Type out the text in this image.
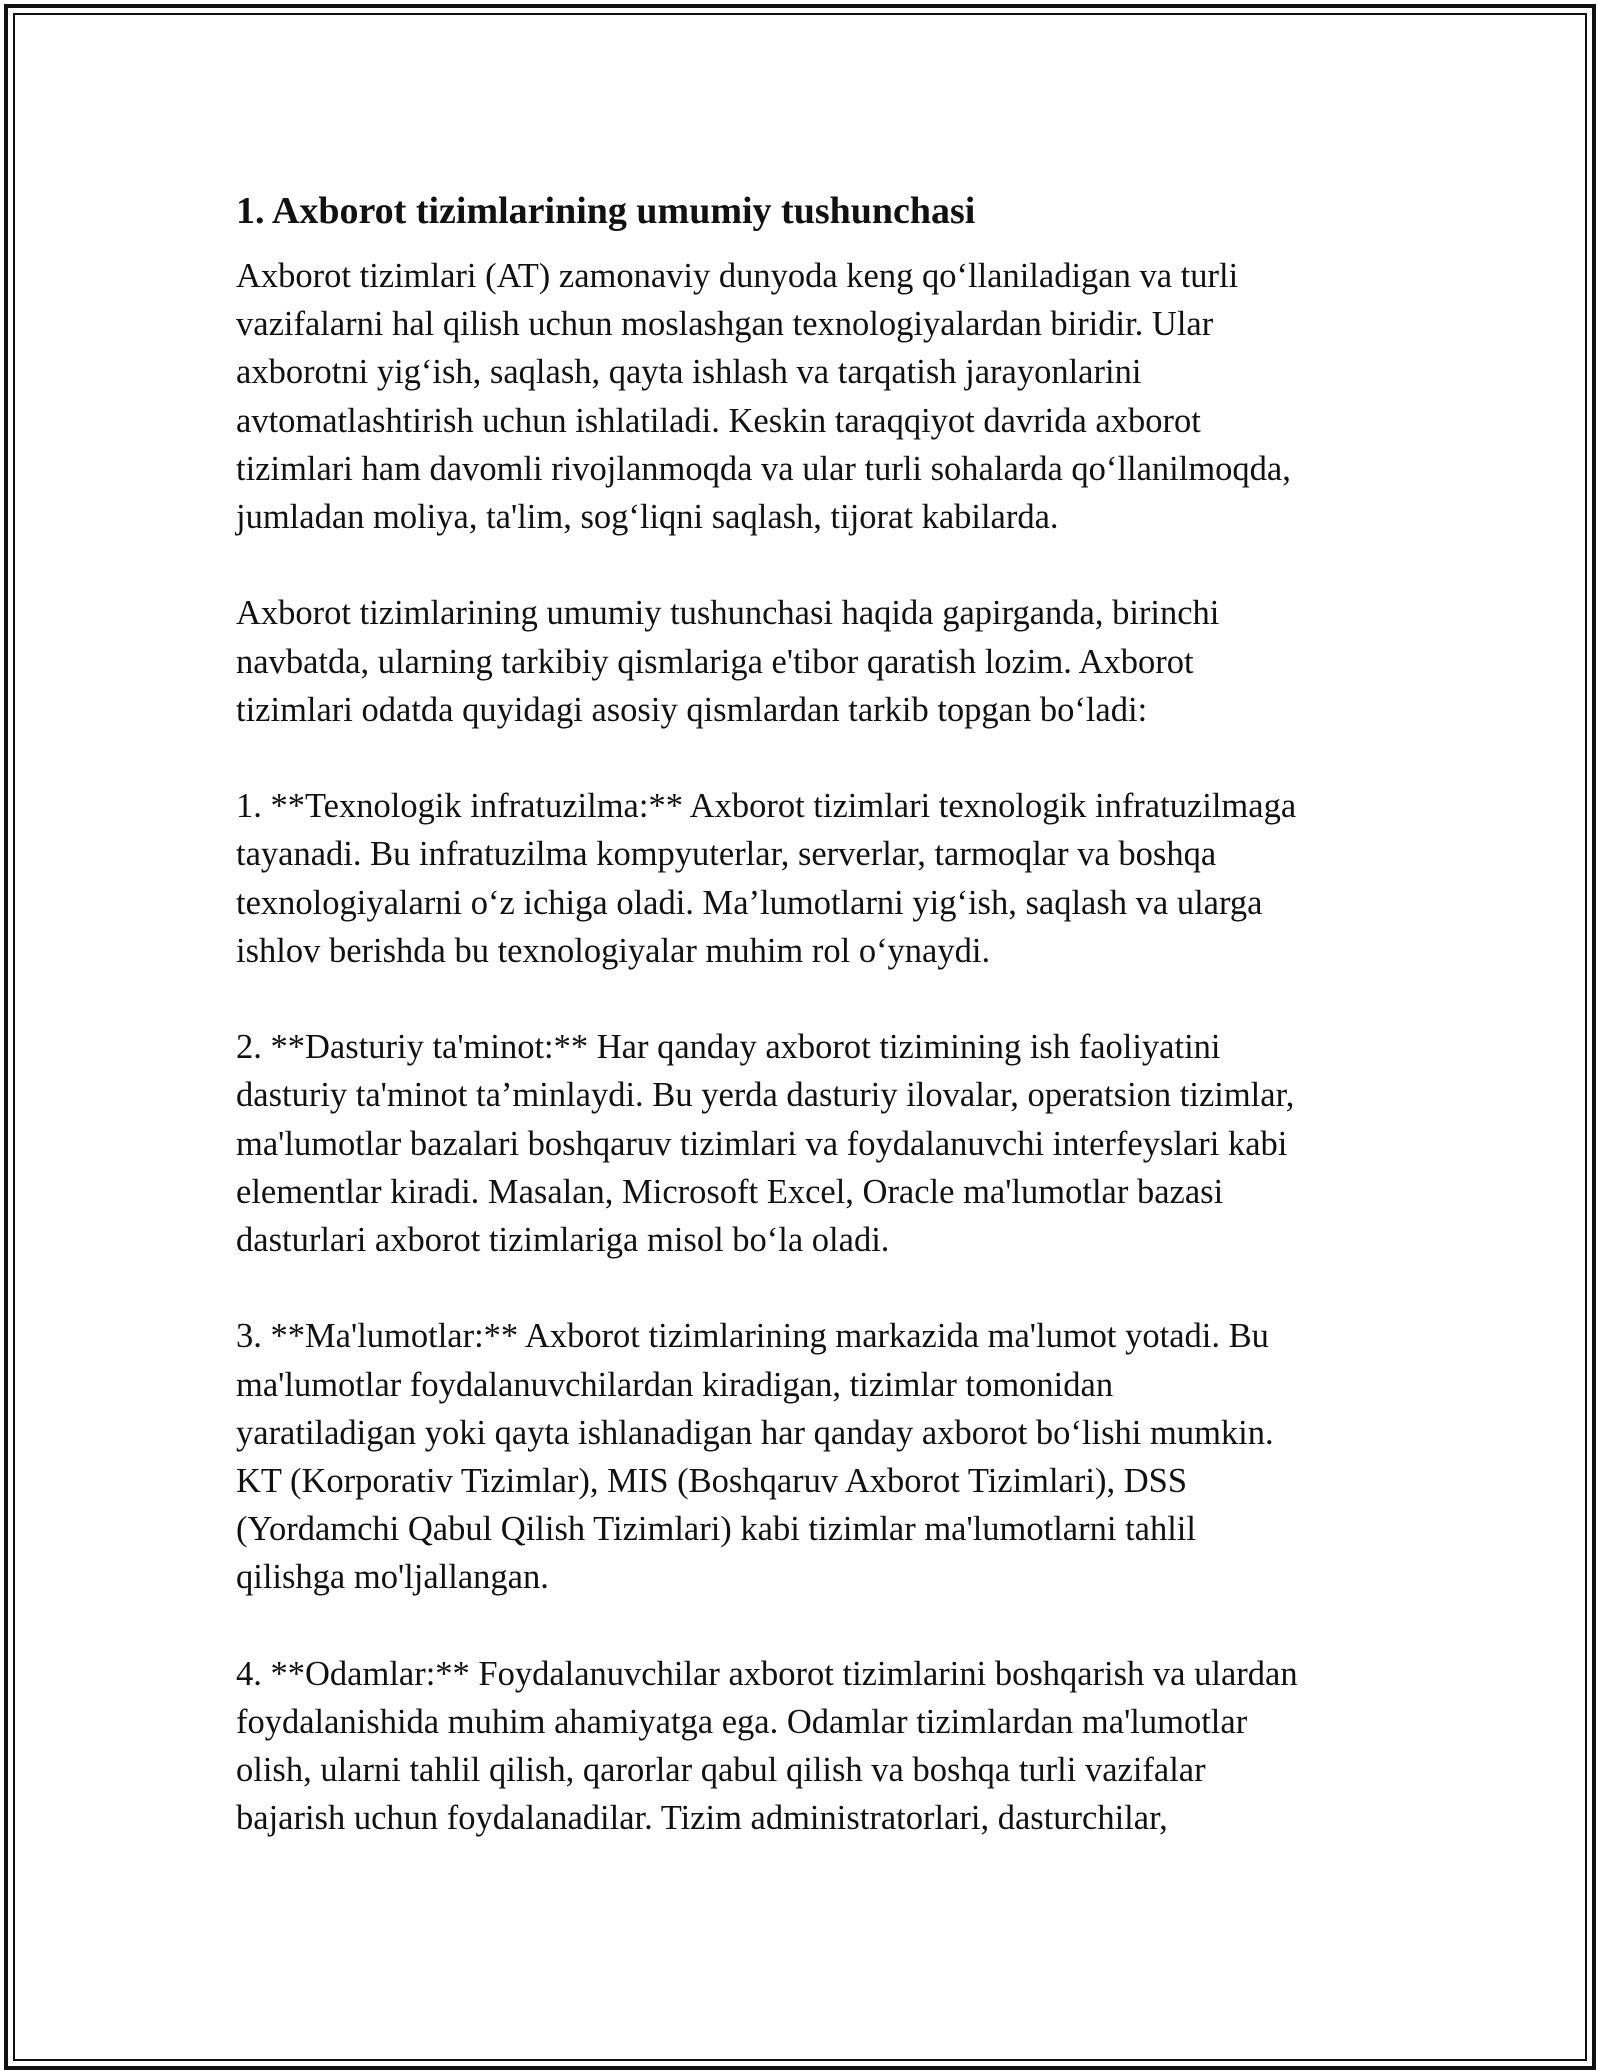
1. Axborot tizimlarining umumiy tushunchasi

Axborot tizimlari (AT) zamonaviy dunyoda keng qo‘llaniladigan va turli
vazifalarni hal qilish uchun moslashgan texnologiyalardan biridir. Ular
axborotni yig‘ish, saqlash, qayta ishlash va tarqatish jarayonlarini
avtomatlashtirish uchun ishlatiladi. Keskin taraqqiyot davrida axborot
tizimlari ham davomli rivojlanmoqda va ular turli sohalarda qo‘llanilmoqda,
jumladan moliya, ta'lim, sog‘liqni saqlash, tijorat kabilarda.

Axborot tizimlarining umumiy tushunchasi haqida gapirganda, birinchi
navbatda, ularning tarkibiy qismlariga e'tibor qaratish lozim. Axborot
tizimlari odatda quyidagi asosiy qismlardan tarkib topgan bo‘ladi:

1. **Texnologik infratuzilma:** Axborot tizimlari texnologik infratuzilmaga
tayanadi. Bu infratuzilma kompyuterlar, serverlar, tarmoqlar va boshqa
texnologiyalarni o‘z ichiga oladi. Ma’lumotlarni yig‘ish, saqlash va ularga
ishlov berishda bu texnologiyalar muhim rol o‘ynaydi.

2. **Dasturiy ta'minot:** Har qanday axborot tizimining ish faoliyatini
dasturiy ta'minot ta’minlaydi. Bu yerda dasturiy ilovalar, operatsion tizimlar,
ma'lumotlar bazalari boshqaruv tizimlari va foydalanuvchi interfeyslari kabi
elementlar kiradi. Masalan, Microsoft Excel, Oracle ma'lumotlar bazasi
dasturlari axborot tizimlariga misol bo‘la oladi.

3. **Ma'lumotlar:** Axborot tizimlarining markazida ma'lumot yotadi. Bu
ma'lumotlar foydalanuvchilardan kiradigan, tizimlar tomonidan
yaratiladigan yoki qayta ishlanadigan har qanday axborot bo‘lishi mumkin.
KT (Korporativ Tizimlar), MIS (Boshqaruv Axborot Tizimlari), DSS
(Yordamchi Qabul Qilish Tizimlari) kabi tizimlar ma'lumotlarni tahlil
qilishga mo'ljallangan.

4. **Odamlar:** Foydalanuvchilar axborot tizimlarini boshqarish va ulardan
foydalanishida muhim ahamiyatga ega. Odamlar tizimlardan ma'lumotlar
olish, ularni tahlil qilish, qarorlar qabul qilish va boshqa turli vazifalar
bajarish uchun foydalanadilar. Tizim administratorlari, dasturchilar,
